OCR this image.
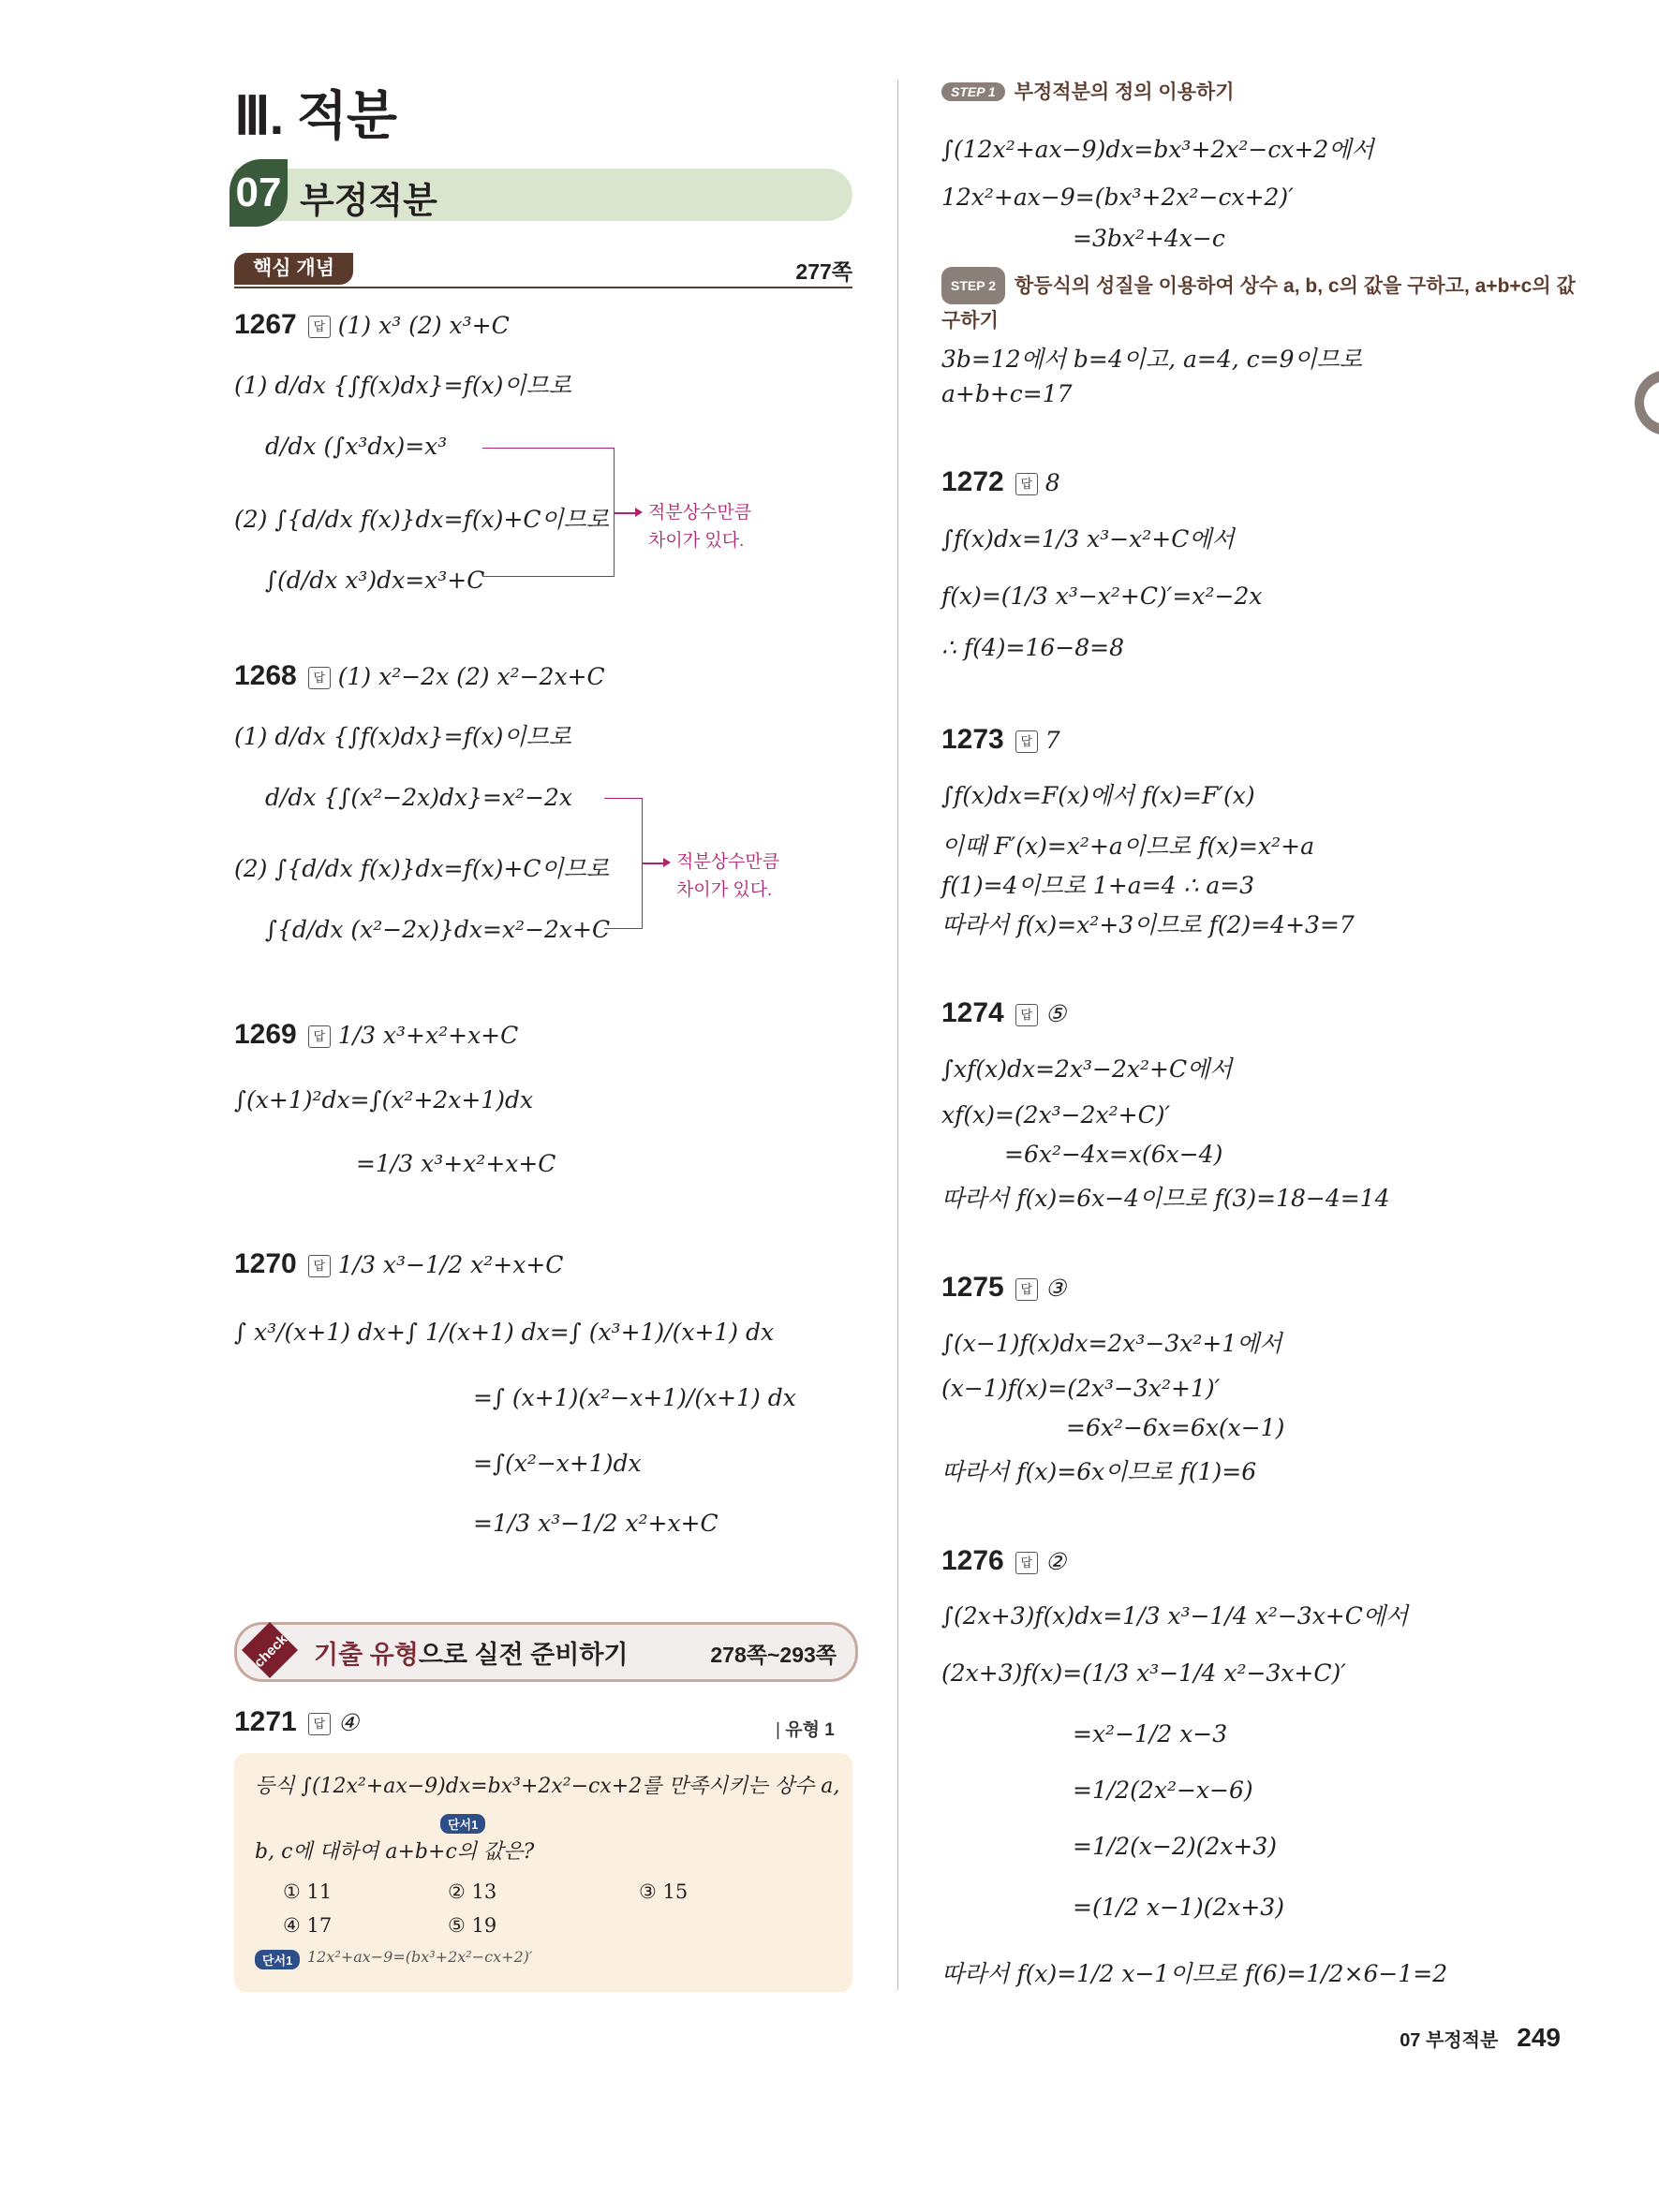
Ⅲ. 적분
07 부정적분
핵심 개념	277쪽
1267 답 (1) x³ (2) x³+C
(1) d/dx {∫f(x)dx}=f(x)이므로
d/dx (∫x³dx)=x³
(2) ∫{d/dx f(x)}dx=f(x)+C이므로
∫(d/dx x³)dx=x³+C
적분상수만큼 차이가 있다.
1268 답 (1) x²−2x (2) x²−2x+C
(1) d/dx {∫f(x)dx}=f(x)이므로
d/dx {∫(x²−2x)dx}=x²−2x
(2) ∫{d/dx f(x)}dx=f(x)+C이므로
∫{d/dx (x²−2x)}dx=x²−2x+C
적분상수만큼 차이가 있다.
1269 답 1/3 x³+x²+x+C
∫(x+1)²dx=∫(x²+2x+1)dx
=1/3 x³+x²+x+C
1270 답 1/3 x³−1/2 x²+x+C
∫ x³/(x+1) dx+∫ 1/(x+1) dx=∫ (x³+1)/(x+1) dx
=∫ (x+1)(x²−x+1)/(x+1) dx
=∫(x²−x+1)dx
=1/3 x³−1/2 x²+x+C
278쪽~293쪽
check 기출 유형으로 실전 준비하기
1271 답 ④	| 유형 1
등식 ∫(12x²+ax−9)dx=bx³+2x²−cx+2를 만족시키는 상수 a,
단서1
b, c에 대하여 a+b+c의 값은?
① 11	② 13	③ 15
④ 17	⑤ 19
단서1 12x²+ax−9=(bx³+2x²−cx+2)′
STEP 1 부정적분의 정의 이용하기
∫(12x²+ax−9)dx=bx³+2x²−cx+2에서
12x²+ax−9=(bx³+2x²−cx+2)′
=3bx²+4x−c
STEP 2 항등식의 성질을 이용하여 상수 a, b, c의 값을 구하고, a+b+c의 값 구하기
3b=12에서 b=4이고, a=4, c=9이므로
a+b+c=17
1272 답 8
∫f(x)dx=1/3 x³−x²+C에서
f(x)=(1/3 x³−x²+C)′=x²−2x
∴ f(4)=16−8=8
1273 답 7
∫f(x)dx=F(x)에서 f(x)=F′(x)
이때 F′(x)=x²+a이므로 f(x)=x²+a
f(1)=4이므로 1+a=4 ∴ a=3
따라서 f(x)=x²+3이므로 f(2)=4+3=7
1274 답 ⑤
∫xf(x)dx=2x³−2x²+C에서
xf(x)=(2x³−2x²+C)′
=6x²−4x=x(6x−4)
따라서 f(x)=6x−4이므로 f(3)=18−4=14
1275 답 ③
∫(x−1)f(x)dx=2x³−3x²+1에서
(x−1)f(x)=(2x³−3x²+1)′
=6x²−6x=6x(x−1)
따라서 f(x)=6x이므로 f(1)=6
1276 답 ②
∫(2x+3)f(x)dx=1/3 x³−1/4 x²−3x+C에서
(2x+3)f(x)=(1/3 x³−1/4 x²−3x+C)′
=x²−1/2 x−3
=1/2(2x²−x−6)
=1/2(x−2)(2x+3)
=(1/2 x−1)(2x+3)
따라서 f(x)=1/2 x−1이므로 f(6)=1/2×6−1=2
07 부정적분 249
